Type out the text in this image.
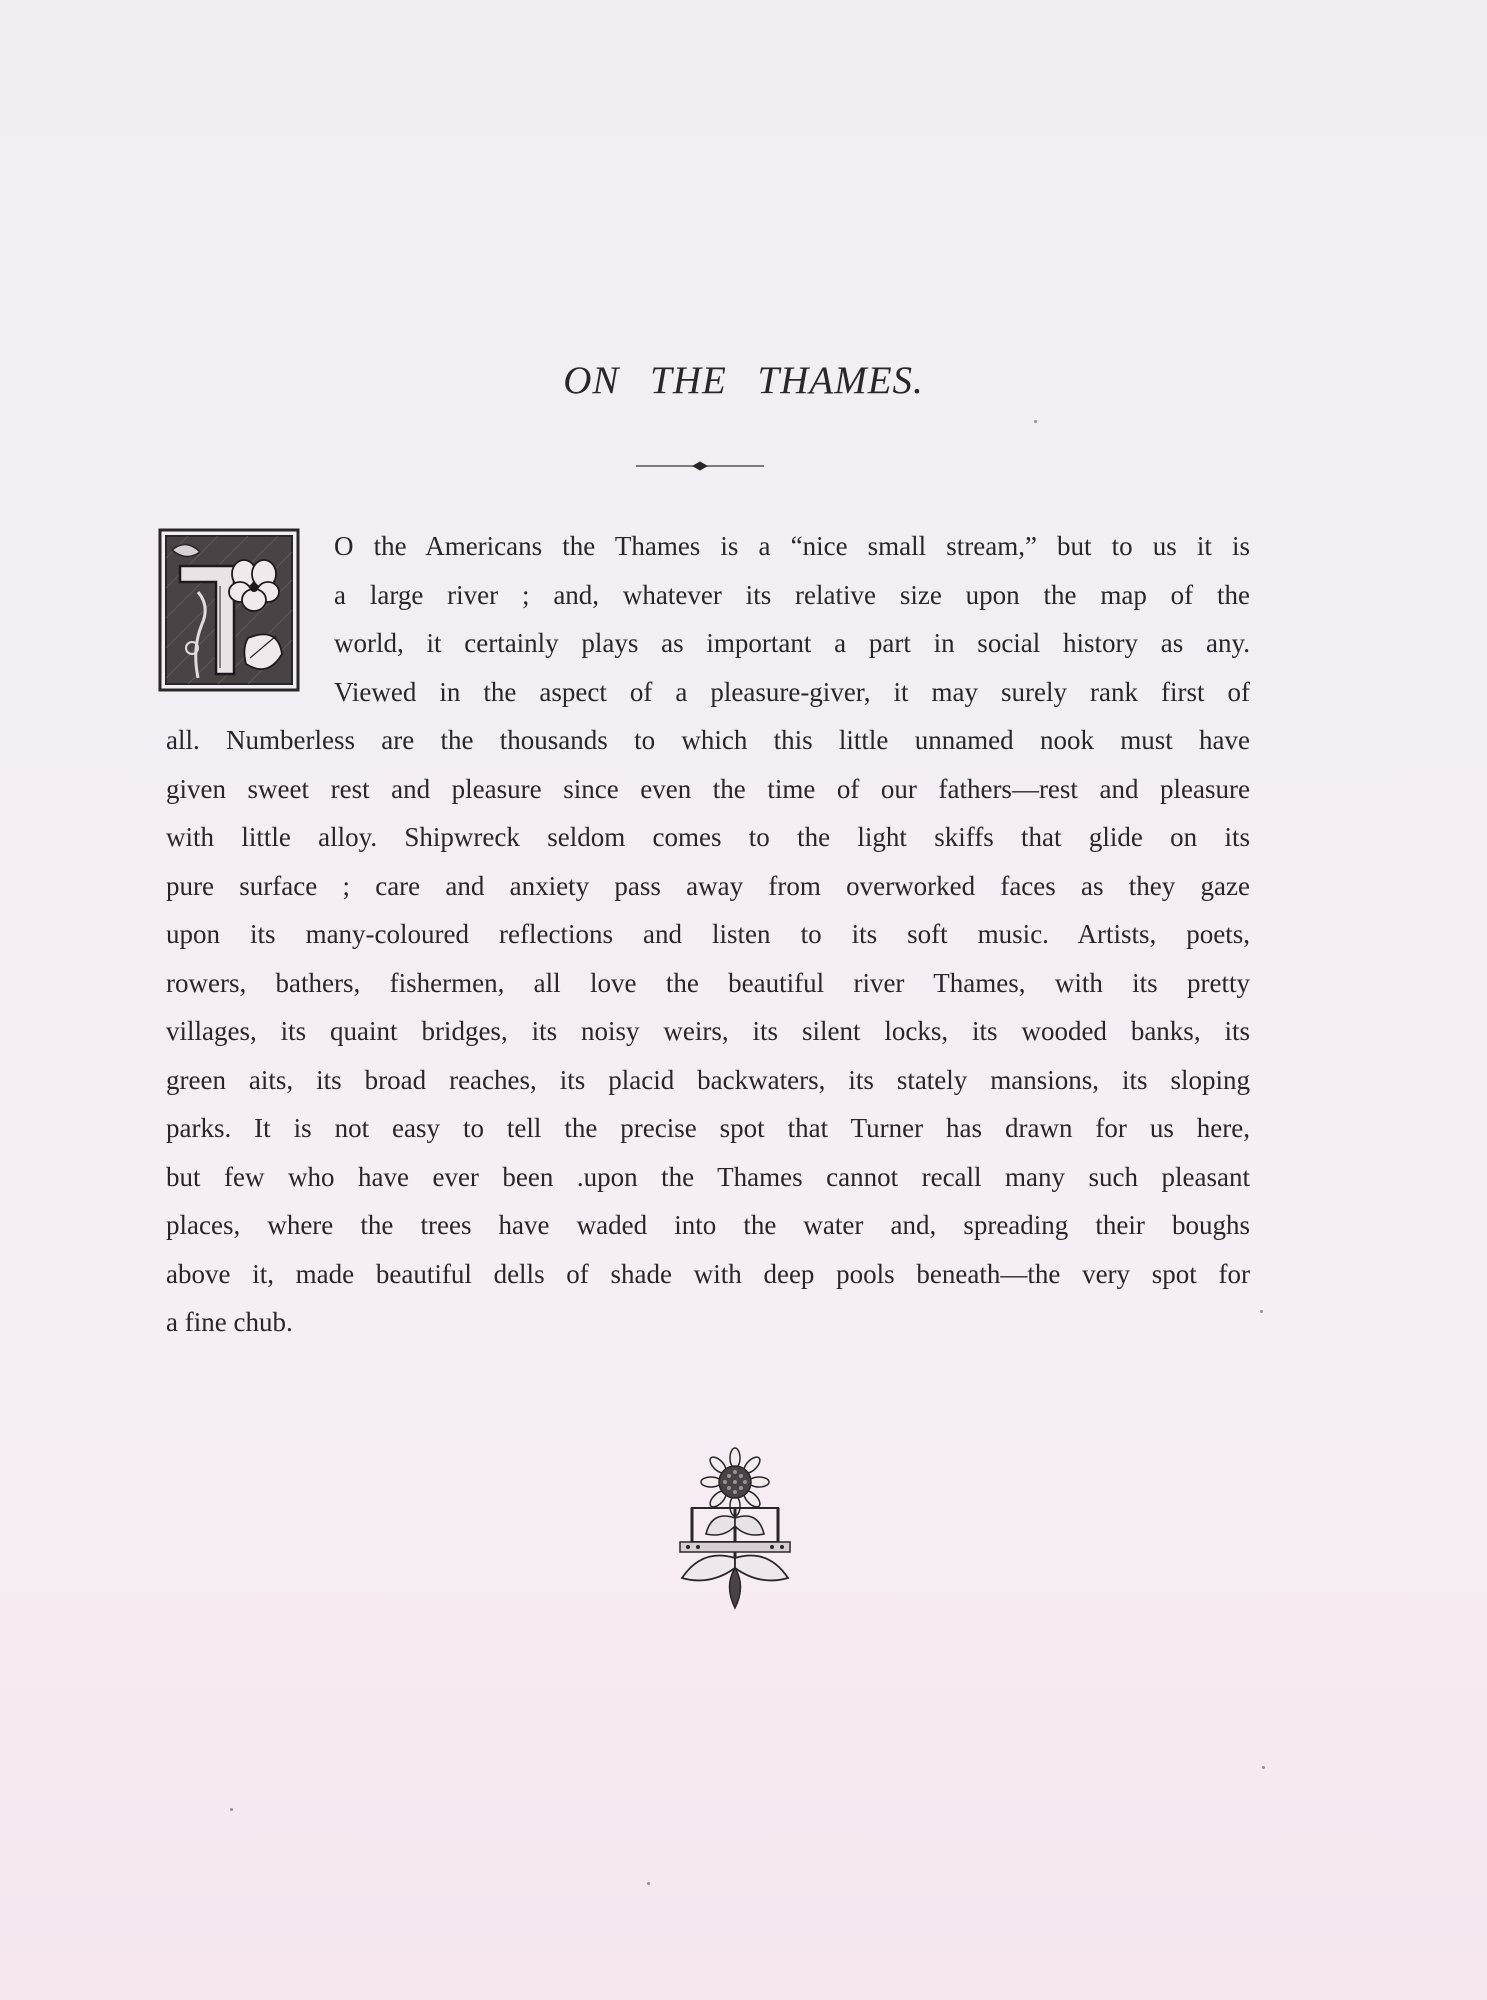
ON THE THAMES.
O the Americans the Thames is a “nice small stream,” but to us it is
a large river ; and, whatever its relative size upon the map of the
world, it certainly plays as important a part in social history as any.
Viewed in the aspect of a pleasure-giver, it may surely rank first of
all. Numberless are the thousands to which this little unnamed nook must have
given sweet rest and pleasure since even the time of our fathers—rest and pleasure
with little alloy. Shipwreck seldom comes to the light skiffs that glide on its
pure surface ; care and anxiety pass away from overworked faces as they gaze
upon its many-coloured reflections and listen to its soft music. Artists, poets,
rowers, bathers, fishermen, all love the beautiful river Thames, with its pretty
villages, its quaint bridges, its noisy weirs, its silent locks, its wooded banks, its
green aits, its broad reaches, its placid backwaters, its stately mansions, its sloping
parks. It is not easy to tell the precise spot that Turner has drawn for us here,
but few who have ever been .upon the Thames cannot recall many such pleasant
places, where the trees have waded into the water and, spreading their boughs
above it, made beautiful dells of shade with deep pools beneath—the very spot for
a fine chub.
